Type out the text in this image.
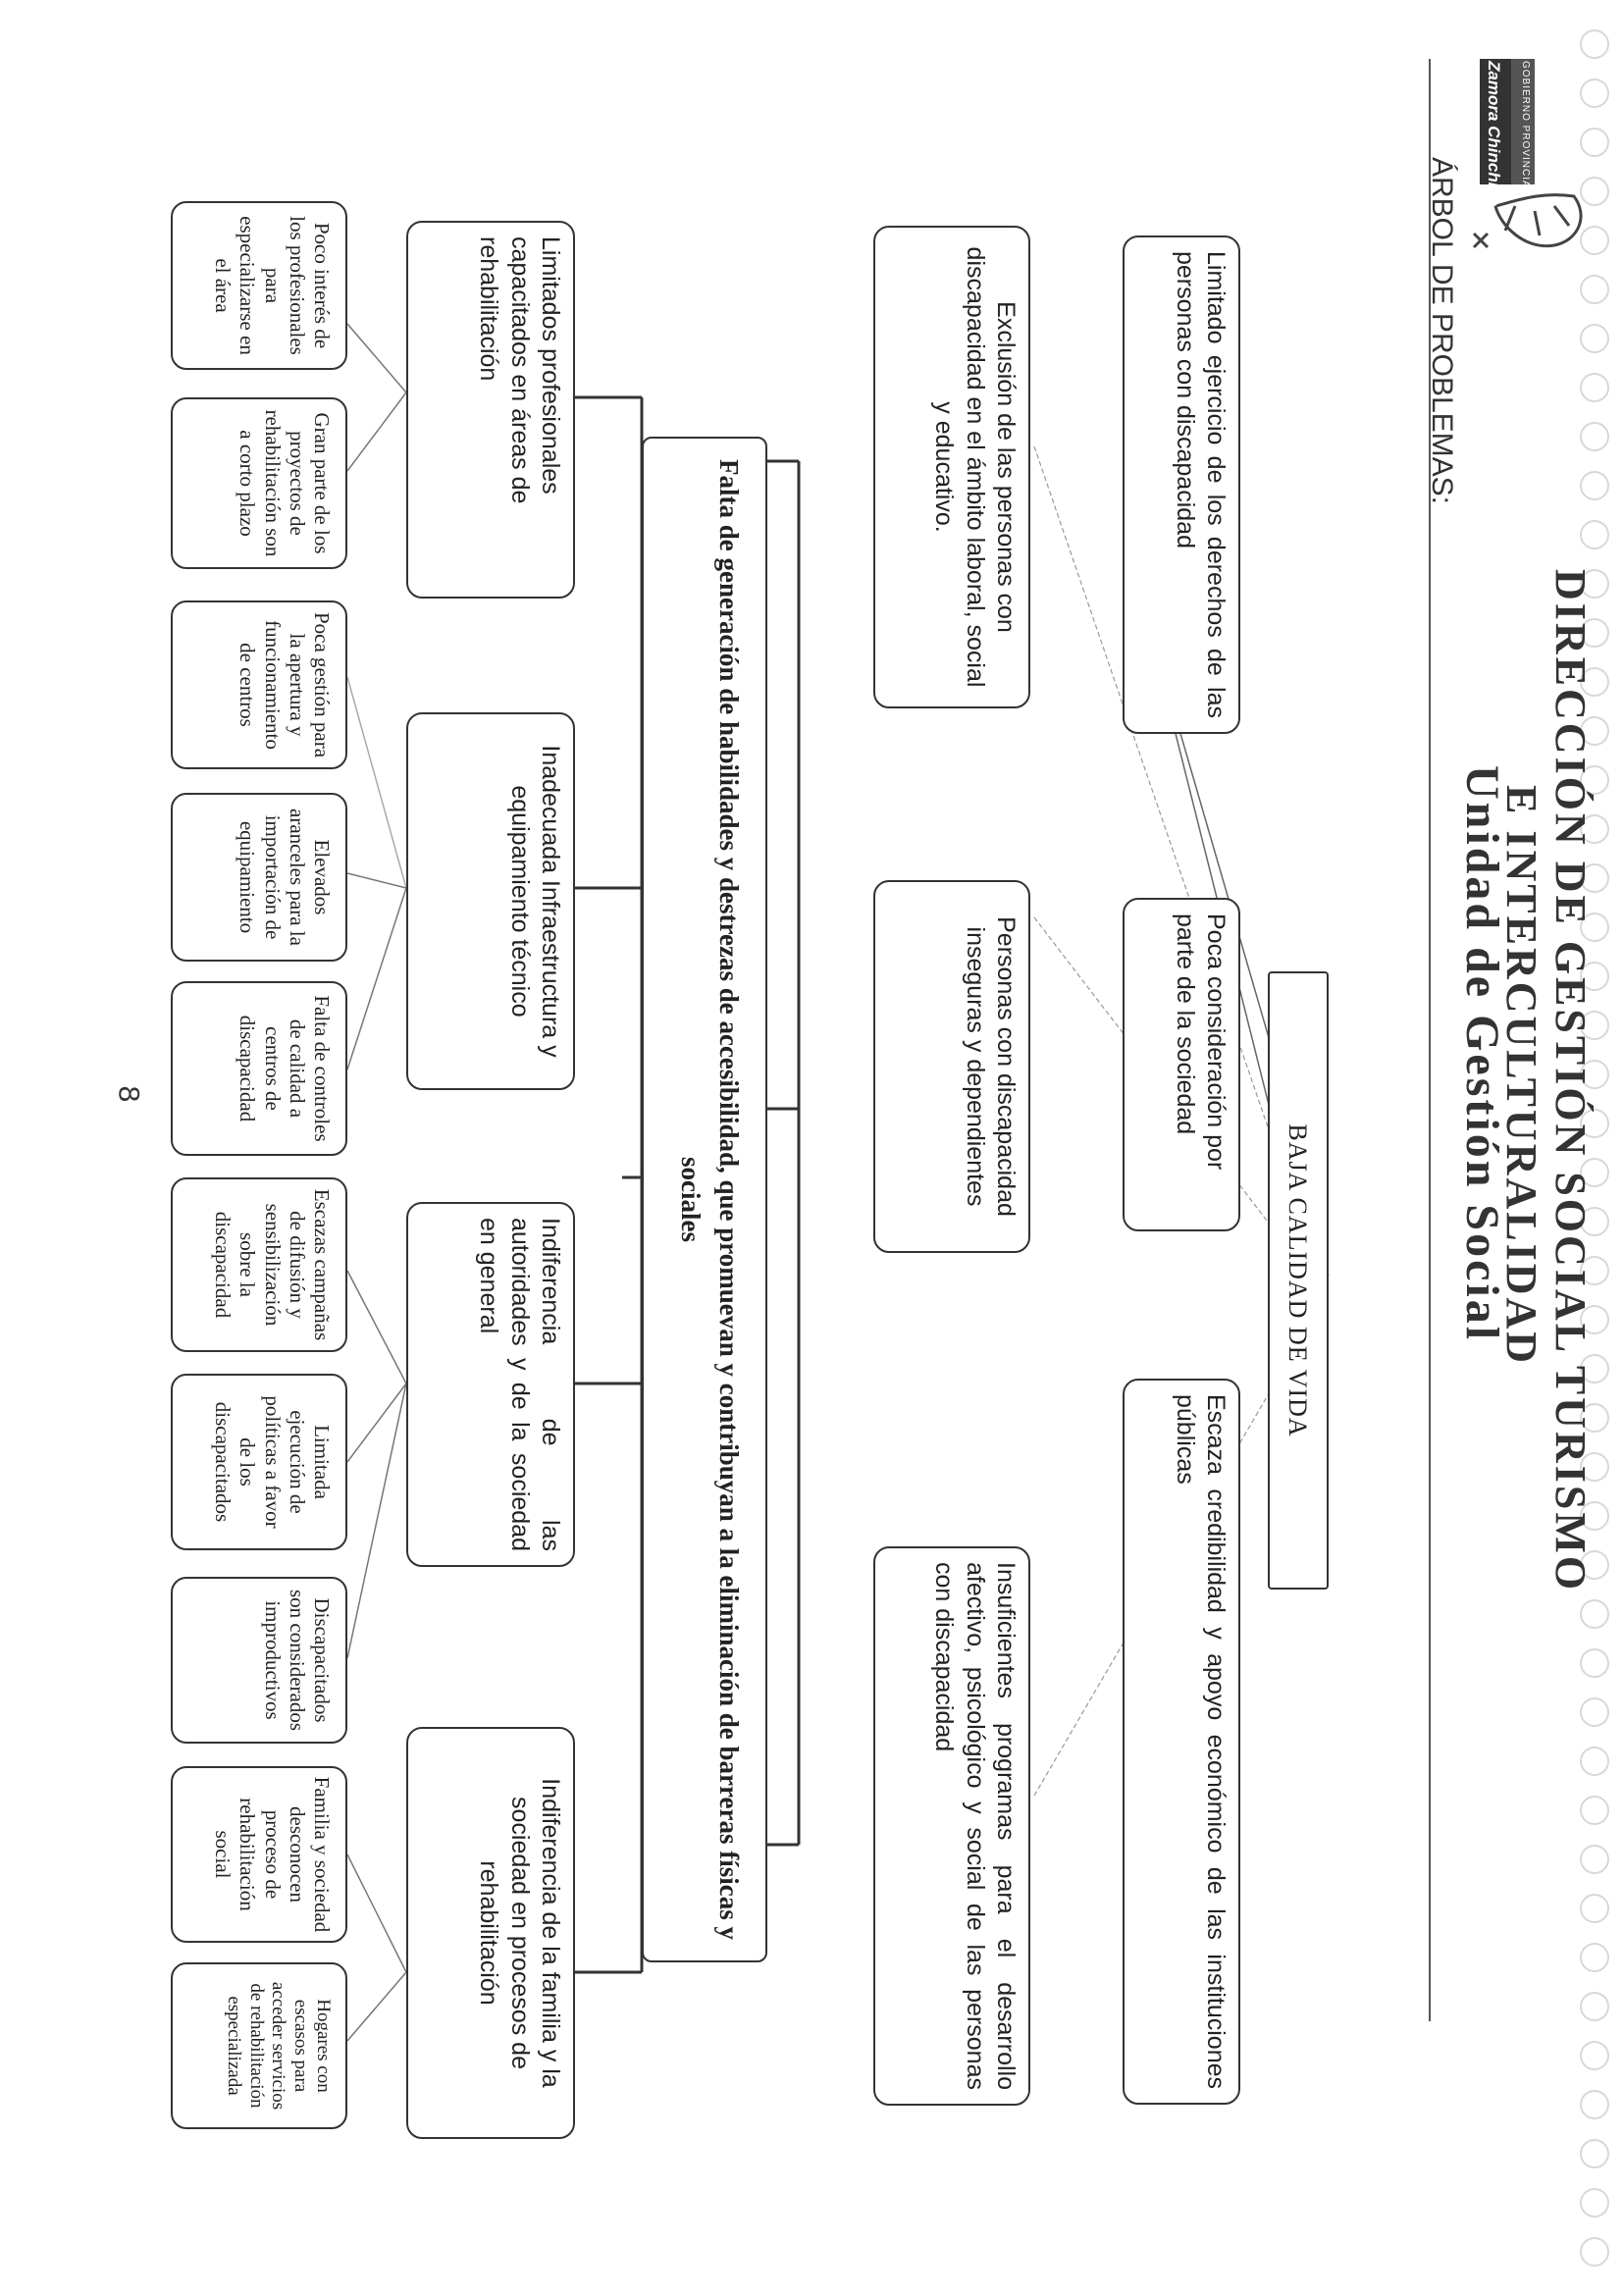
8
GOBIERNO PROVINCIAL
Zamora Chinchipe
DIRECCIÓN DE GESTIÓN SOCIAL TURISMO
E INTERCULTURALIDAD
Unidad de Gestión Social
ÁRBOL DE PROBLEMAS:
BAJA CALIDAD DE VIDA
Limitado ejercicio de los derechos de las personas con discapacidad
Poca consideración por parte de la sociedad
Escaza credibilidad y apoyo económico de las instituciones públicas
Exclusión de las personas con discapacidad en el ámbito laboral, social y educativo.
Personas con discapacidad inseguras y dependientes
Insuficientes programas para el desarrollo afectivo, psicológico y social de las personas con discapacidad
Falta de generación de habilidades y destrezas de accesibilidad, que promuevan y contribuyan a la eliminación de barreras físicas y sociales
Limitados profesionales capacitados en áreas de rehabilitación
Inadecuada Infraestructura y equipamiento técnico
Indiferencia de las autoridades y de la sociedad en general
Indiferencia de la familia y la sociedad en procesos de rehabilitación
Poco interés de los profesionales para especializarse en el área
Gran parte de los proyectos de rehabilitación son a corto plazo
Poca gestión para la apertura y funcionamiento de centros
Elevados aranceles para la importación de equipamiento
Falta de controles de calidad a centros de discapacidad
Escazas campañas de difusión y sensibilización sobre la discapacidad
Limitada ejecución de políticas a favor de los discapacitados
Discapacitados son considerados improductivos
Familia y sociedad desconocen proceso de rehabilitación social
Hogares con escasos para acceder servicios de rehabilitación especializada
